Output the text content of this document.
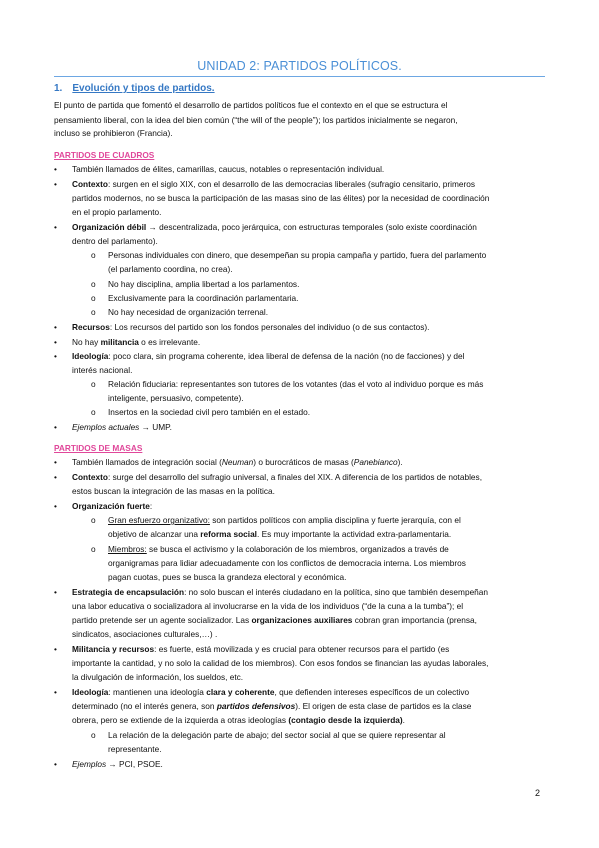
UNIDAD 2: PARTIDOS POLÍTICOS.
1. Evolución y tipos de partidos.
El punto de partida que fomentó el desarrollo de partidos políticos fue el contexto en el que se estructura el
pensamiento liberal, con la idea del bien común (“the will of the people”); los partidos inicialmente se negaron,
incluso se prohibieron (Francia).
PARTIDOS DE CUADROS
• También llamados de élites, camarillas, caucus, notables o representación individual.
• Contexto: surgen en el siglo XIX, con el desarrollo de las democracias liberales (sufragio censitario, primeros
partidos modernos, no se busca la participación de las masas sino de las élites) por la necesidad de coordinación
en el propio parlamento.
• Organización débil → descentralizada, poco jerárquica, con estructuras temporales (solo existe coordinación
dentro del parlamento).
o Personas individuales con dinero, que desempeñan su propia campaña y partido, fuera del parlamento
(el parlamento coordina, no crea).
o No hay disciplina, amplia libertad a los parlamentos.
o Exclusivamente para la coordinación parlamentaria.
o No hay necesidad de organización terrenal.
• Recursos: Los recursos del partido son los fondos personales del individuo (o de sus contactos).
• No hay militancia o es irrelevante.
• Ideología: poco clara, sin programa coherente, idea liberal de defensa de la nación (no de facciones) y del
interés nacional.
o Relación fiduciaria: representantes son tutores de los votantes (das el voto al individuo porque es más
inteligente, persuasivo, competente).
o Insertos en la sociedad civil pero también en el estado.
• Ejemplos actuales → UMP.
PARTIDOS DE MASAS
• También llamados de integración social (Neuman) o burocráticos de masas (Panebianco).
• Contexto: surge del desarrollo del sufragio universal, a finales del XIX. A diferencia de los partidos de notables,
estos buscan la integración de las masas en la política.
• Organización fuerte:
o Gran esfuerzo organizativo: son partidos políticos con amplia disciplina y fuerte jerarquía, con el
objetivo de alcanzar una reforma social. Es muy importante la actividad extra-parlamentaria.
o Miembros: se busca el activismo y la colaboración de los miembros, organizados a través de
organigramas para lidiar adecuadamente con los conflictos de democracia interna. Los miembros
pagan cuotas, pues se busca la grandeza electoral y económica.
• Estrategia de encapsulación: no solo buscan el interés ciudadano en la política, sino que también desempeñan
una labor educativa o socializadora al involucrarse en la vida de los individuos (“de la cuna a la tumba”); el
partido pretende ser un agente socializador. Las organizaciones auxiliares cobran gran importancia (prensa,
sindicatos, asociaciones culturales,…) .
• Militancia y recursos: es fuerte, está movilizada y es crucial para obtener recursos para el partido (es
importante la cantidad, y no solo la calidad de los miembros). Con esos fondos se financian las ayudas laborales,
la divulgación de información, los sueldos, etc.
• Ideología: mantienen una ideología clara y coherente, que defienden intereses específicos de un colectivo
determinado (no el interés genera, son partidos defensivos). El origen de esta clase de partidos es la clase
obrera, pero se extiende de la izquierda a otras ideologías (contagio desde la izquierda).
o La relación de la delegación parte de abajo; del sector social al que se quiere representar al
representante.
• Ejemplos → PCI, PSOE.
2
